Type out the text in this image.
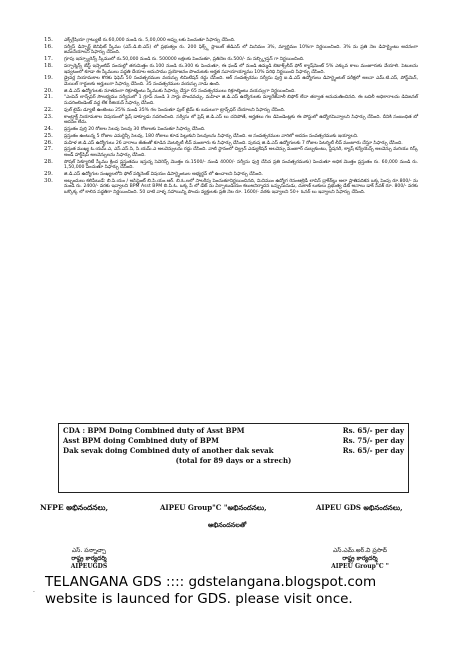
15.	ఎక్స్‌గ్రేషియా గ్రాట్యుటీ రు.60,000 నుండి రు. 5,00,000 అప్పు లకు పెంచుతూ సిఫార్సు చేసింది.
16.	సర్వీస్ డిస్చార్జ్ బెనిఫిట్ స్కీము (ఎస్.డి.బి.ఎస్) లో ప్రభుత్వం రు. 200 ఫిక్స్డ్ స్లాబుల్ జీడిఎస్ లో మినిమం 3%, మ్యాగ్జిమం 10%గా నిర్ణయించింది. 3% ను ప్రతి నెల డిపార్ట్మెంటు ఆదనంగా జమచేయాలని సిఫార్సు చేసింది.
17.	గ్రూపు ఇన్స్యూరెన్స్ స్కీములో రు.50,000 నుండి రు. 500000 లక్షలకు పెంచుతూ, ప్రతినెల రు.500/- ను సబ్స్క్రిప్షన్ గా నిర్ణయించింది.
18.	పర్ఫార్మెన్స్ బేస్డ్ ఇన్సెంటివ్ సంచుల్లో తగుమిత్తం రు.100 నుండి రు.300 కు పెంచుతూ, ఈ ఫండ్ లో నుండి ఉమ్మడి బెటాక్స్‌లీవ్ ఫోర్ క్యాష్‌మెంట్ 5% ఎక్కువ కాలు మంజూరుకు వేయాలి. పెటులను ఇవ్వటంలో కూడా ఈ స్కీములు పద్ధతి దేయాల ఆనుసాము ప్రయోజనం పొందుటకు అర్హత సవాయాయ్యాము 10% పరిధి నిర్ణయించి సిఫార్సు చేసింది.
19.	డ్రైవర్ల నియామకాల కొరకు ఫెఫెస్ 50 సంవత్సరముల వయస్సు లిమిటేషన్ రద్దు చేసింది. ఆర్ సంవత్సరము సర్వీసు ఫుర్తి ఐ.డి.ఎస్ ఉద్యోగులు డిపార్ట్మెంటల్ పరీక్షలో అలనా ఎమ్.టి.ఎస్, పోస్ట్‌మెన్, మెయిల్ గార్డులకు అర్హులుగా సిఫార్సు చేసింది. 35 సంవత్సరముల వయస్సు నాడు ఉంది.
20.	జి.డి.ఎస్ ఉద్యోగులకు నూతనంగా రిక్రూట్మెంటు స్కీముకు సిఫార్సు చేస్తూ 65 సంవత్సరములు రిక్రూట్మెంటు వయస్సుగా నిర్ణయించింది.
21.	"ఎంపెన్‌ లాన్స్‌ఫర్ సౌలభ్యము సర్వీసులో 1 గ్రూప్ నుండి 3 సార్లు పొందవచ్చు. మహిళా జి.డి.ఎస్ ఉద్యోగులకు మ్యారేజ్‌వాలీ బిఫోర్ లేదా తర్వాత అనుమతించినది. ఈ బదిలీ అధికారాలను డివిజనల్ సుపరింటెండెంట్ వద్ద లేక రీజియన్ సిఫార్సు చేసింది.
22.	ఫుల్ టైమ్ డ్యూటీ ఉంటెంబు 25% నుండి 35% గల సెంచుతూ ఫుల్ టైమ్ కు బదులుగా ట్రాన్స్‌ఫర్ చేయాలని సిఫార్సు చేసింది.
23.	కాంట్రాక్ట్ నియామకాల విషయంలో ఫ్రెష్ డాక్యూడు సవరించింది. సర్వీసు లో ఫ్రెష్ జి.డి.ఎస్ లు చనిపోతే, అర్హతలు గల డిపెండెంట్లకు ఈ పోస్టులో ఉద్యోగమివ్వాలని సిఫార్సు చేసింది. దీనికి సంబంధిత బో ఆదనం లేదు.
24.	ప్రస్తుతం ఫుర్తి 20 రోజుల సెలవు సెలవు 30 రోజులకు పెంచుతూ సిఫార్సు చేసింది.
25.	ప్రస్తుతం ఉంటున్న 5 రోజుల ఎమర్జెన్సీ సెలవు, 180 రోజులు కూడ పెల్లుకుని సెలవులను సిఫార్సు చేసింది. ఆ సంవత్సరముల వారిలో ఆదనం సంవత్సరముకు ఇయ్యాలని.
26.	మహిళ జి.డి.ఎస్ ఉద్యోగులు 26 వారాలు జీతంతో కూడిన మెటర్నిటీ లీవ్ మంజూరు కు సిఫార్సు చేసింది. పురుష జి.డి.ఎస్ ఉద్యోగులకు 7 రోజుల పెటర్నిటీ లీవ్ మంజూరు చేస్తూ సిఫార్సు చేసింది.
27.	ప్రస్తుత ముఖ్య ఓ.యమ్.ఎ, ఎస్.ఎస్.సి, సి.యమ్.ఎ అలవెన్సులను రద్దు చేసింది. వాటి స్థానంలో చిల్డ్రన్ ఎడ్యుకేషన్ అలవెన్సు మంజూర్ దుబ్బకుంటు, స్టేషనరీ, క్యాష్ కన్వేయెన్స్ అలవెన్సు మరియు రిస్క్‌ అండ్ హార్డ్‌షిప్ అలవెన్సులను సిఫార్సు చేసింది.
28.	సోషల్ సెక్యూరిటీ స్కీము క్రింద ప్రస్తుతము ఇస్తున్న సెవెరెన్స్ మొత్తం రు.1500/- నుండి 4000/- సర్వీసు ఫుర్తి చేసిన ప్రతి సంవత్సరముకు) పెంచుతూ అధిక మొత్తం ప్రస్తుతం రు. 60,000 నుండి రు. 1,50,000 పెంచుతూ సిఫార్సు చేసింది.
29.	జి.డి.ఎస్ ఉద్యోగుల సంఖ్యలలోని ఫోల్ పర్మినెంట్ విషయం డిపార్ట్మెంటుల అభ్యర్థన్ లో ఉంచాలని సిఫార్సు చేసింది.
30.	అబ్బందులు కలిపేబుడే: బి.పి.యం / అసిస్టెంట్ బి.పి.యం.ఆర్. బి.ఓ.లలో సాలరీపు పెంచుతూనిర్ణయించినది, మినిముం ఉద్యోగ రెసంఆల్రెడీ లావిన్ ద్రాక్‌ర్‌ల్లు అలా ప్రాతిపదికన ఒక్క పెంపు రూ.800/- ను నుండి రు. 2400/- వరకు ఇవ్వాలని BPM Asst BPM బి.పి.ఓ. ఒక్క పే లో డేట్ ను ఏర్పాటుడియం కలుఅనిర్మాదన ఒప్పుసుదుడు, దుకాణ్ లుకులు ప్రభుత్వ డేట్ అనాలు డాక్ సేవక్ రూ. 800/- వరకు ఒక్కొక్క లో కాలిన పద్ధతిగా నిర్ణయించింది. 50 దాటి వాళ్ళ సహాయిన్ని పొందు వ్యక్తులకు ప్రతి నెల రూ. 1600/- వరకు ఇవ్వాలని 50+ ఓనర్ లు ఇవ్వాలని సిఫార్సు చేసింది.
CDA : BPM Doing Combined duty of Asst BPM	Rs. 65/- per day
Asst BPM doing Combined duty of BPM	Rs. 75/- per day
Dak sevak doing Combined duty of another dak sevak	Rs. 65/- per day
(total for 89 days or a strech)
NFPE అభినందనలు,	AIPEU Group"C "అభినందనలు,	AIPEU GDS అభినందనలు,
అభినందనలతో
ఎస్. పన్నాచ్చా
రాష్ట్ర కార్యదర్శి
AIPEUGDS
ఎస్.ఎమ్.అర్.వి ప్రసాద్
రాష్ట్ర కార్యదర్శి
AIPEU Group"C "
.
TELANGANA GDS :::: gdstelangana.blogspot.com
website is launced for GDS. please visit once.
